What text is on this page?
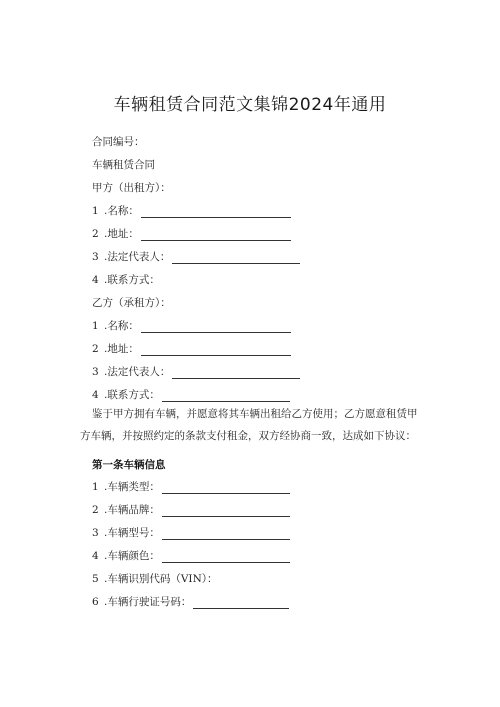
车辆租赁合同范文集锦2024年通用
合同编号：
车辆租赁合同
甲方（出租方）：
1 .名称：
2 .地址：
3 .法定代表人：
4 .联系方式：
乙方（承租方）：
1 .名称：
2 .地址：
3 .法定代表人：
4 .联系方式：
鉴于甲方拥有车辆，并愿意将其车辆出租给乙方使用；乙方愿意租赁甲
方车辆，并按照约定的条款支付租金，双方经协商一致，达成如下协议：
第一条车辆信息
1 .车辆类型：
2 .车辆品牌：
3 .车辆型号：
4 .车辆颜色：
5 .车辆识别代码（VIN）：
6 .车辆行驶证号码：
